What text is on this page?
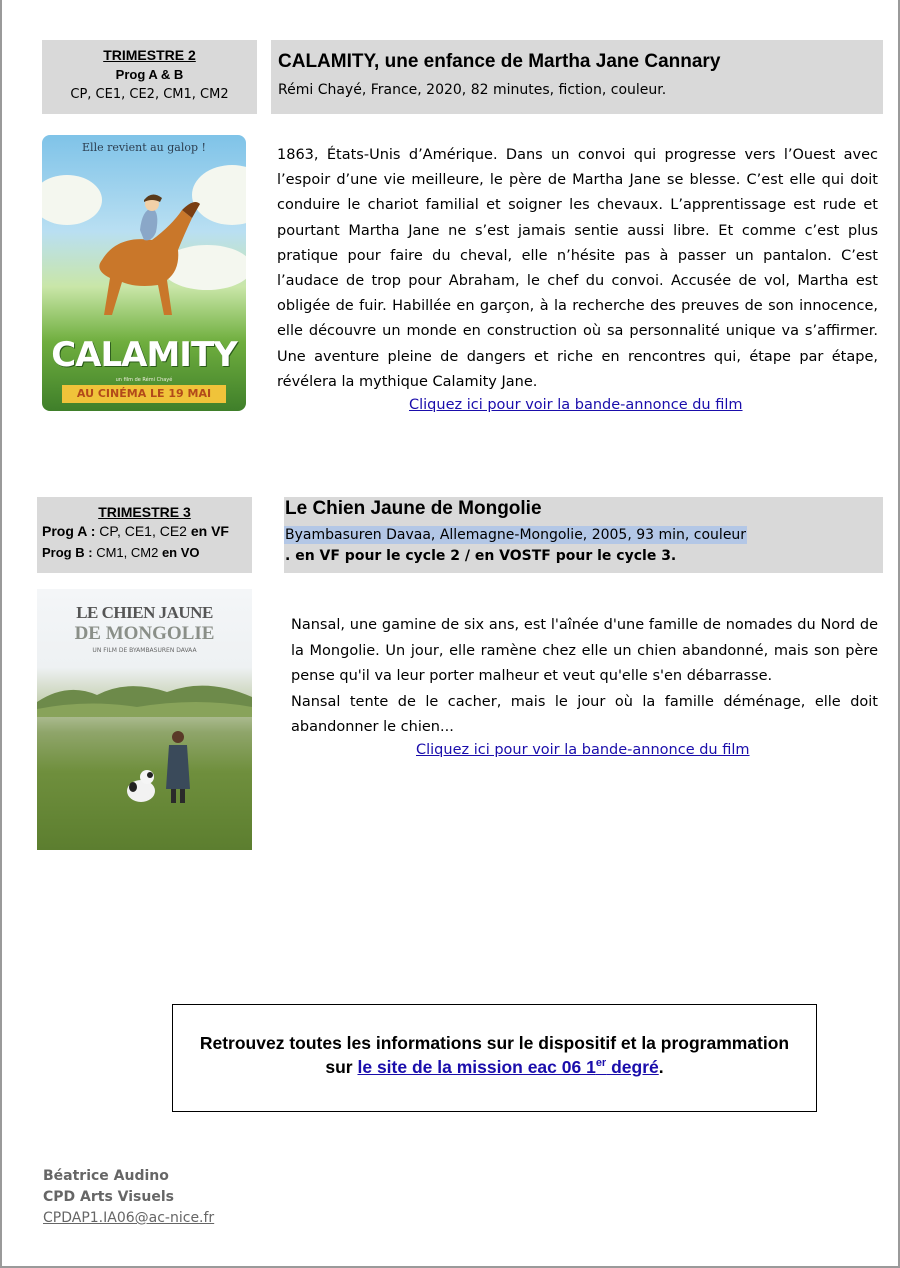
TRIMESTRE 2
Prog A & B
CP, CE1, CE2, CM1, CM2
CALAMITY, une enfance de Martha Jane Cannary
Rémi Chayé, France, 2020, 82 minutes, fiction, couleur.
Elle revient au galop !
CALAMITY
un film de Rémi Chayé
AU CINÉMA LE 19 MAI
1863, États-Unis d’Amérique. Dans un convoi qui progresse vers l’Ouest avec l’espoir d’une vie meilleure, le père de Martha Jane se blesse. C’est elle qui doit conduire le chariot familial et soigner les chevaux. L’apprentissage est rude et pourtant Martha Jane ne s’est jamais sentie aussi libre. Et comme c’est plus pratique pour faire du cheval, elle n’hésite pas à passer un pantalon. C’est l’audace de trop pour Abraham, le chef du convoi. Accusée de vol, Martha est obligée de fuir. Habillée en garçon, à la recherche des preuves de son innocence, elle découvre un monde en construction où sa personnalité unique va s’affirmer. Une aventure pleine de dangers et riche en rencontres qui, étape par étape, révélera la mythique Calamity Jane.
Cliquez ici pour voir la bande-annonce du film
TRIMESTRE 3
Prog A : CP, CE1, CE2 en VF
Prog B : CM1, CM2 en VO
Le Chien Jaune de Mongolie
Byambasuren Davaa, Allemagne-Mongolie, 2005, 93 min, couleur
. en VF pour le cycle 2 / en VOSTF pour le cycle 3.
LE CHIEN JAUNE
DE MONGOLIE
UN FILM DE BYAMBASUREN DAVAA

Nansal, une gamine de six ans, est l'aînée d'une famille de nomades du Nord de la Mongolie. Un jour, elle ramène chez elle un chien abandonné, mais son père pense qu'il va leur porter malheur et veut qu'elle s'en débarrasse.

Nansal tente de le cacher, mais le jour où la famille déménage, elle doit abandonner le chien...

Cliquez ici pour voir la bande-annonce du film
Retrouvez toutes les informations sur le dispositif et la programmation
sur le site de la mission eac 06 1er degré.
Béatrice Audino
CPD Arts Visuels
CPDAP1.IA06@ac-nice.fr
